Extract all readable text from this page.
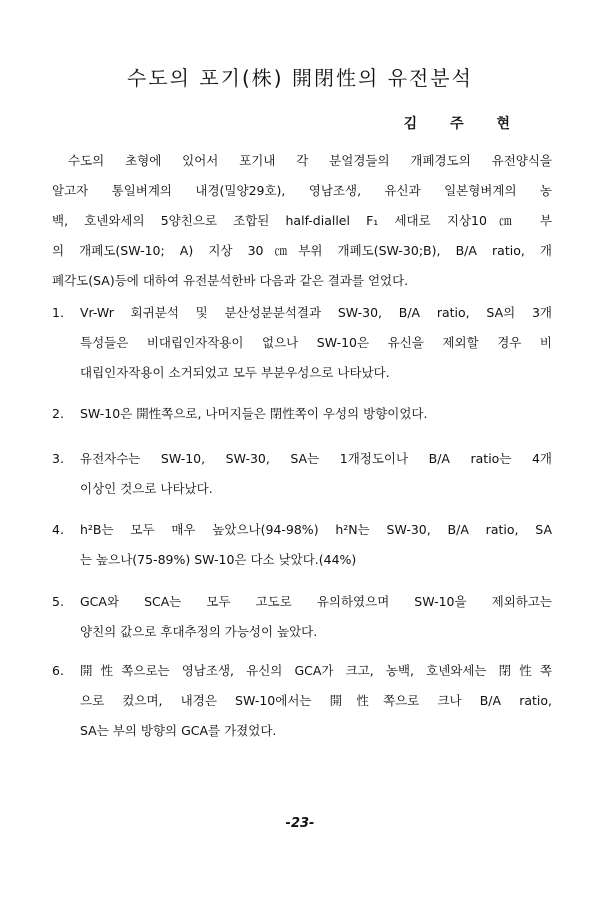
수도의 포기(株) 開閉性의 유전분석
김 주 현
수도의 초형에 있어서 포기내 각 분얼경들의 개폐경도의 유전양식을
알고자 통일벼계의 내경(밀양29호), 영남조생, 유신과 일본형벼계의 농
백, 호넨와세의 5양친으로 조합된 half-diallel F₁ 세대로 지상10㎝ 부
의 개폐도(SW-10; A) 지상 30㎝부위 개폐도(SW-30;B), B/A ratio, 개
폐각도(SA)등에 대하여 유전분석한바 다음과 같은 결과를 얻었다.
1. Vr-Wr 회귀분석 및 분산성분분석결과 SW-30, B/A ratio, SA의 3개
특성들은 비대립인자작용이 없으나 SW-10은 유신을 제외할 경우 비
대립인자작용이 소거되었고 모두 부분우성으로 나타났다.
2. SW-10은 開性쪽으로, 나머지들은 閉性쪽이 우성의 방향이었다.
3. 유전자수는 SW-10, SW-30, SA는 1개정도이나 B/A ratio는 4개
이상인 것으로 나타났다.
4. h²B는 모두 매우 높았으나(94-98%) h²N는 SW-30, B/A ratio, SA
는 높으나(75-89%) SW-10은 다소 낮았다.(44%)
5. GCA와 SCA는 모두 고도로 유의하였으며 SW-10을 제외하고는
양친의 값으로 후대추정의 가능성이 높았다.
6. 開性쪽으로는 영남조생, 유신의 GCA가 크고, 농백, 호넨와세는 閉性쪽
으로 컸으며, 내경은 SW-10에서는 開性쪽으로 크나 B/A ratio,
SA는 부의 방향의 GCA를 가졌었다.
-23-
